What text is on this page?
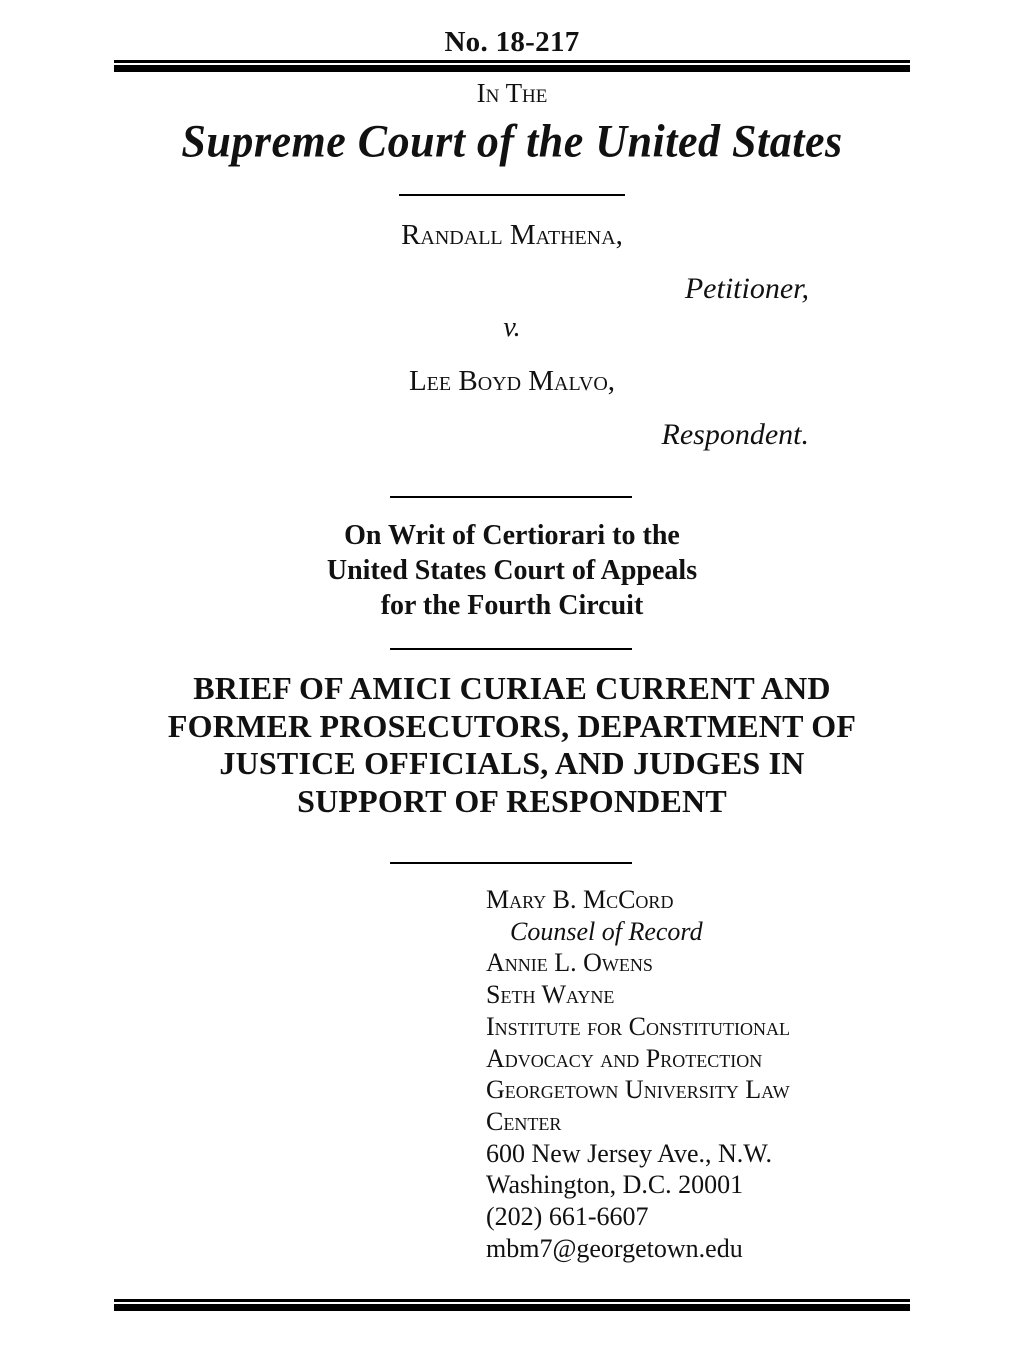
No. 18-217
In The
Supreme Court of the United States
Randall Mathena,
Petitioner,
v.
Lee Boyd Malvo,
Respondent.
On Writ of Certiorari to the
United States Court of Appeals
for the Fourth Circuit
BRIEF OF AMICI CURIAE CURRENT AND
FORMER PROSECUTORS, DEPARTMENT OF
JUSTICE OFFICIALS, AND JUDGES IN
SUPPORT OF RESPONDENT
Mary B. McCord
Counsel of Record
Annie L. Owens
Seth Wayne
Institute for Constitutional
Advocacy and Protection
Georgetown University Law
Center
600 New Jersey Ave., N.W.
Washington, D.C. 20001
(202) 661-6607
mbm7@georgetown.edu
